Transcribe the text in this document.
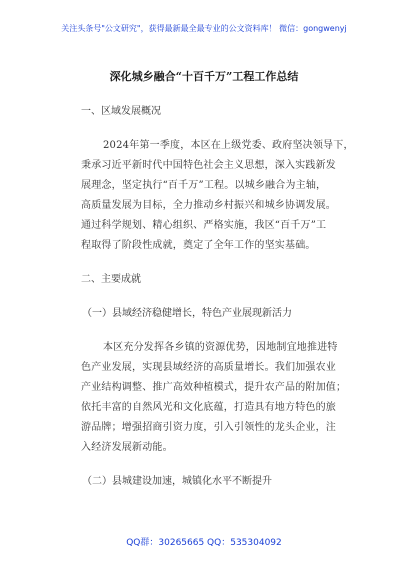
关注头条号"公文研究"，获得最新最全最专业的公文资料库！ 微信：gongwenyj
深化城乡融合“十百千万”工程工作总结
一、区域发展概况
2024年第一季度，本区在上级党委、政府坚决领导下，
秉承习近平新时代中国特色社会主义思想，深入实践新发
展理念，坚定执行“百千万”工程。以城乡融合为主轴，
高质量发展为目标，全力推动乡村振兴和城乡协调发展。
通过科学规划、精心组织、严格实施，我区“百千万”工
程取得了阶段性成就，奠定了全年工作的坚实基础。
二、主要成就
（一）县域经济稳健增长，特色产业展现新活力
本区充分发挥各乡镇的资源优势，因地制宜地推进特
色产业发展，实现县域经济的高质量增长。我们加强农业
产业结构调整、推广高效种植模式，提升农产品的附加值；
依托丰富的自然风光和文化底蕴，打造具有地方特色的旅
游品牌；增强招商引资力度，引入引领性的龙头企业，注
入经济发展新动能。
（二）县城建设加速，城镇化水平不断提升
QQ群：30265665 QQ：535304092
